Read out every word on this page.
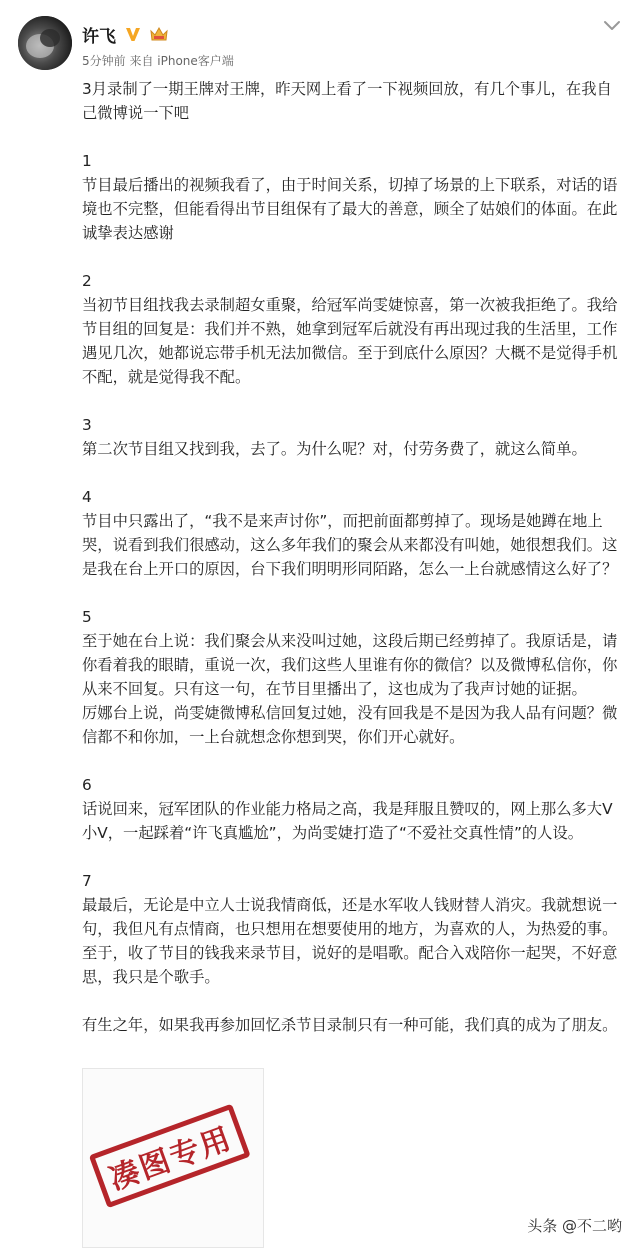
许飞
5分钟前 来自 iPhone客户端

3月录制了一期王牌对王牌，昨天网上看了一下视频回放，有几个事儿，在我自己微博说一下吧

1

节目最后播出的视频我看了，由于时间关系，切掉了场景的上下联系，对话的语境也不完整，但能看得出节目组保有了最大的善意，顾全了姑娘们的体面。在此诚挚表达感谢

2

当初节目组找我去录制超女重聚，给冠军尚雯婕惊喜，第一次被我拒绝了。我给节目组的回复是：我们并不熟，她拿到冠军后就没有再出现过我的生活里，工作遇见几次，她都说忘带手机无法加微信。至于到底什么原因？大概不是觉得手机不配，就是觉得我不配。

3

第二次节目组又找到我，去了。为什么呢？对，付劳务费了，就这么简单。

4

节目中只露出了，“我不是来声讨你”，而把前面都剪掉了。现场是她蹲在地上哭，说看到我们很感动，这么多年我们的聚会从来都没有叫她，她很想我们。这是我在台上开口的原因，台下我们明明形同陌路，怎么一上台就感情这么好了？

5

至于她在台上说：我们聚会从来没叫过她，这段后期已经剪掉了。我原话是，请你看着我的眼睛，重说一次，我们这些人里谁有你的微信？以及微博私信你，你从来不回复。只有这一句，在节目里播出了，这也成为了我声讨她的证据。

厉娜台上说，尚雯婕微博私信回复过她，没有回我是不是因为我人品有问题？微信都不和你加，一上台就想念你想到哭，你们开心就好。

6

话说回来，冠军团队的作业能力格局之高，我是拜服且赞叹的，网上那么多大V小V，一起踩着“许飞真尴尬”，为尚雯婕打造了“不爱社交真性情”的人设。

7

最最后，无论是中立人士说我情商低，还是水军收人钱财替人消灾。我就想说一句，我但凡有点情商，也只想用在想要使用的地方，为喜欢的人，为热爱的事。至于，收了节目的钱我来录节目，说好的是唱歌。配合入戏陪你一起哭，不好意思，我只是个歌手。

有生之年，如果我再参加回忆杀节目录制只有一种可能，我们真的成为了朋友。

凑图专用
头条 @不二哟
